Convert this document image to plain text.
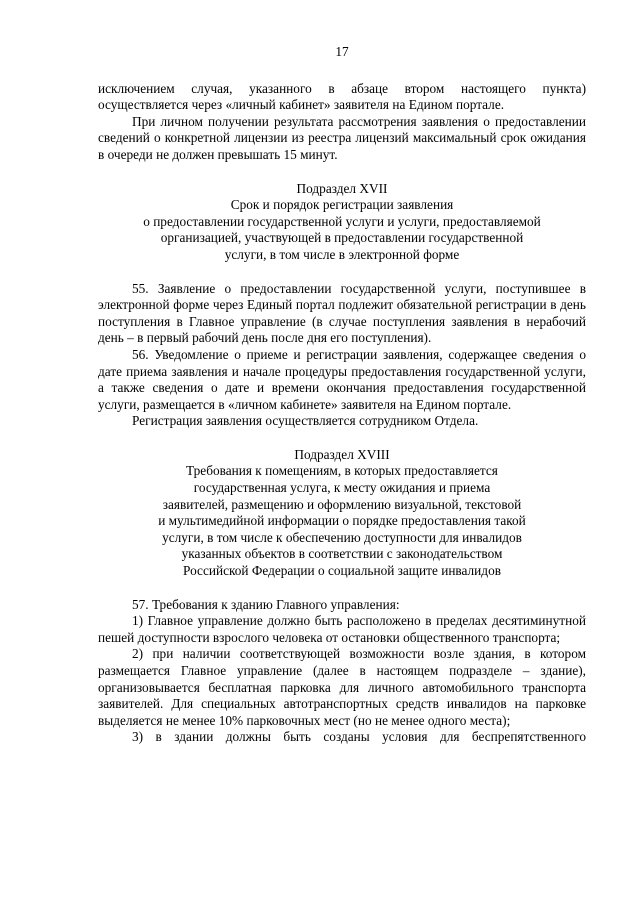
17

исключением случая, указанного в абзаце втором настоящего пункта) осуществляется через «личный кабинет» заявителя на Едином портале.

При личном получении результата рассмотрения заявления о предоставлении сведений о конкретной лицензии из реестра лицензий максимальный срок ожидания в очереди не должен превышать 15 минут.

Подраздел XVII
Срок и порядок регистрации заявления
о предоставлении государственной услуги и услуги, предоставляемой
организацией, участвующей в предоставлении государственной
услуги, в том числе в электронной форме

55. Заявление о предоставлении государственной услуги, поступившее в электронной форме через Единый портал подлежит обязательной регистрации в день поступления в Главное управление (в случае поступления заявления в нерабочий день – в первый рабочий день после дня его поступления).

56. Уведомление о приеме и регистрации заявления, содержащее сведения о дате приема заявления и начале процедуры предоставления государственной услуги, а также сведения о дате и времени окончания предоставления государственной услуги, размещается в «личном кабинете» заявителя на Едином портале.

Регистрация заявления осуществляется сотрудником Отдела.

Подраздел XVIII
Требования к помещениям, в которых предоставляется
государственная услуга, к месту ожидания и приема
заявителей, размещению и оформлению визуальной, текстовой
и мультимедийной информации о порядке предоставления такой
услуги, в том числе к обеспечению доступности для инвалидов
указанных объектов в соответствии с законодательством
Российской Федерации о социальной защите инвалидов

57. Требования к зданию Главного управления:

1) Главное управление должно быть расположено в пределах десятиминутной пешей доступности взрослого человека от остановки общественного транспорта;

2) при наличии соответствующей возможности возле здания, в котором размещается Главное управление (далее в настоящем подразделе – здание), организовывается бесплатная парковка для личного автомобильного транспорта заявителей. Для специальных автотранспортных средств инвалидов на парковке выделяется не менее 10% парковочных мест (но не менее одного места);

3) в здании должны быть созданы условия для беспрепятственного
